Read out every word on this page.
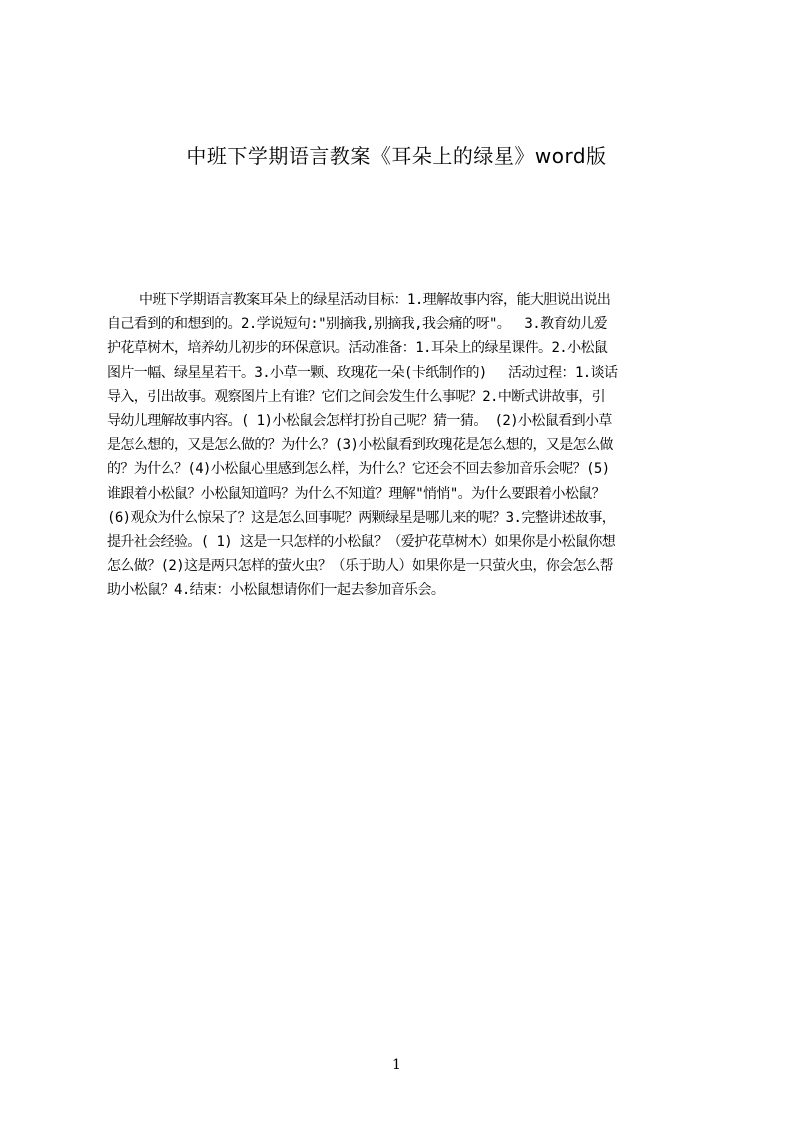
中班下学期语言教案《耳朵上的绿星》word版
中班下学期语言教案耳朵上的绿星活动目标：1.理解故事内容，能大胆说出说出
自己看到的和想到的。2.学说短句:"别摘我,别摘我,我会痛的呀"。　 3.教育幼儿爱
护花草树木，培养幼儿初步的环保意识。活动准备：1.耳朵上的绿星课件。2.小松鼠
图片一幅、绿星星若干。3.小草一颗、玫瑰花一朵(卡纸制作的)　 活动过程：1.谈话
导入，引出故事。观察图片上有谁？它们之间会发生什么事呢？2.中断式讲故事，引
导幼儿理解故事内容。( 1)小松鼠会怎样打扮自己呢？猜一猜。 (2)小松鼠看到小草
是怎么想的，又是怎么做的？为什么？(3)小松鼠看到玫瑰花是怎么想的，又是怎么做
的？为什么？(4)小松鼠心里感到怎么样，为什么？它还会不回去参加音乐会呢？(5)
谁跟着小松鼠？小松鼠知道吗？为什么不知道？理解"悄悄"。为什么要跟着小松鼠？
(6)观众为什么惊呆了？这是怎么回事呢？两颗绿星是哪儿来的呢？3.完整讲述故事，
提升社会经验。( 1) 这是一只怎样的小松鼠？（爱护花草树木）如果你是小松鼠你想
怎么做？(2)这是两只怎样的萤火虫？（乐于助人）如果你是一只萤火虫，你会怎么帮
助小松鼠？4.结束：小松鼠想请你们一起去参加音乐会。
1
